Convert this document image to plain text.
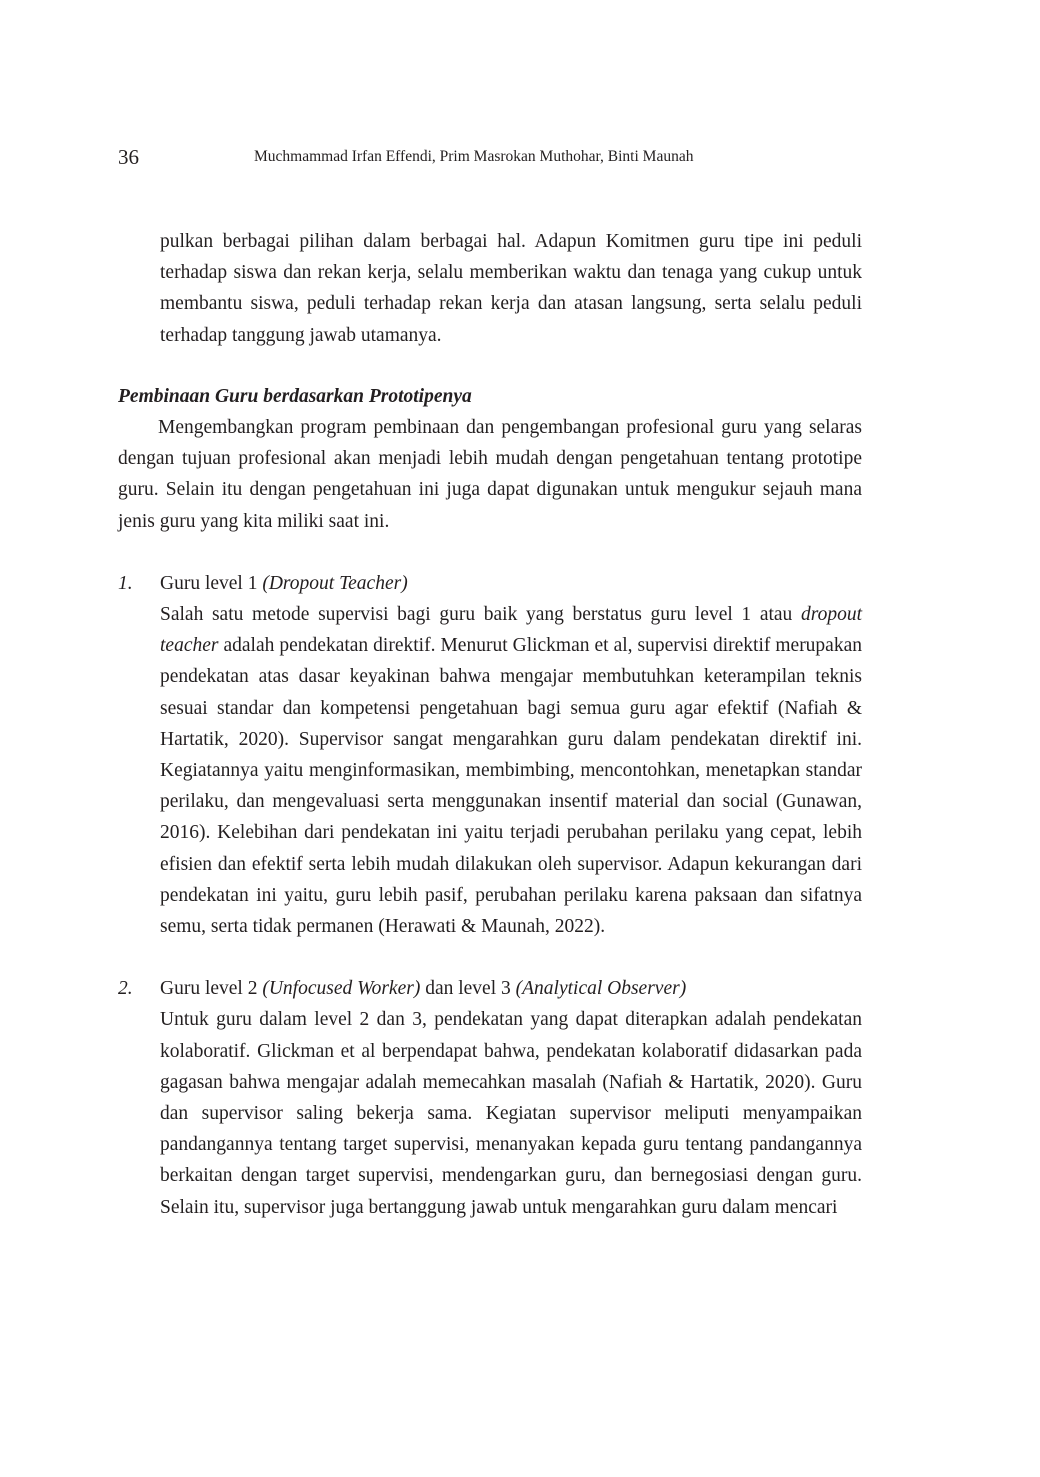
36	Muchmammad Irfan Effendi, Prim Masrokan Muthohar, Binti Maunah

pulkan berbagai pilihan dalam berbagai hal. Adapun Komitmen guru tipe ini peduli terhadap siswa dan rekan kerja, selalu memberikan waktu dan tenaga yang cukup untuk membantu siswa, peduli terhadap rekan kerja dan atasan langsung, serta selalu peduli terhadap tanggung jawab utamanya.

Pembinaan Guru berdasarkan Prototipenya

Mengembangkan program pembinaan dan pengembangan profesional guru yang selaras dengan tujuan profesional akan menjadi lebih mudah dengan pengetahuan tentang prototipe guru. Selain itu dengan pengetahuan ini juga dapat digunakan untuk mengukur sejauh mana jenis guru yang kita miliki saat ini.

1. Guru level 1 (Dropout Teacher)

Salah satu metode supervisi bagi guru baik yang berstatus guru level 1 atau dropout teacher adalah pendekatan direktif. Menurut Glickman et al, supervisi direktif merupakan pendekatan atas dasar keyakinan bahwa mengajar membutuhkan keterampilan teknis sesuai standar dan kompetensi pengetahuan bagi semua guru agar efektif (Nafiah & Hartatik, 2020). Supervisor sangat mengarahkan guru dalam pendekatan direktif ini. Kegiatannya yaitu menginformasikan, membimbing, mencontohkan, menetapkan standar perilaku, dan mengevaluasi serta menggunakan insentif material dan social (Gunawan, 2016). Kelebihan dari pendekatan ini yaitu terjadi perubahan perilaku yang cepat, lebih efisien dan efektif serta lebih mudah dilakukan oleh supervisor. Adapun kekurangan dari pendekatan ini yaitu, guru lebih pasif, perubahan perilaku karena paksaan dan sifatnya semu, serta tidak permanen (Herawati & Maunah, 2022).

2. Guru level 2 (Unfocused Worker) dan level 3 (Analytical Observer)

Untuk guru dalam level 2 dan 3, pendekatan yang dapat diterapkan adalah pendekatan kolaboratif. Glickman et al berpendapat bahwa, pendekatan kolaboratif didasarkan pada gagasan bahwa mengajar adalah memecahkan masalah (Nafiah & Hartatik, 2020). Guru dan supervisor saling bekerja sama. Kegiatan supervisor meliputi menyampaikan pandangannya tentang target supervisi, menanyakan kepada guru tentang pandangannya berkaitan dengan target supervisi, mendengarkan guru, dan bernegosiasi dengan guru. Selain itu, supervisor juga bertanggung jawab untuk mengarahkan guru dalam mencari
